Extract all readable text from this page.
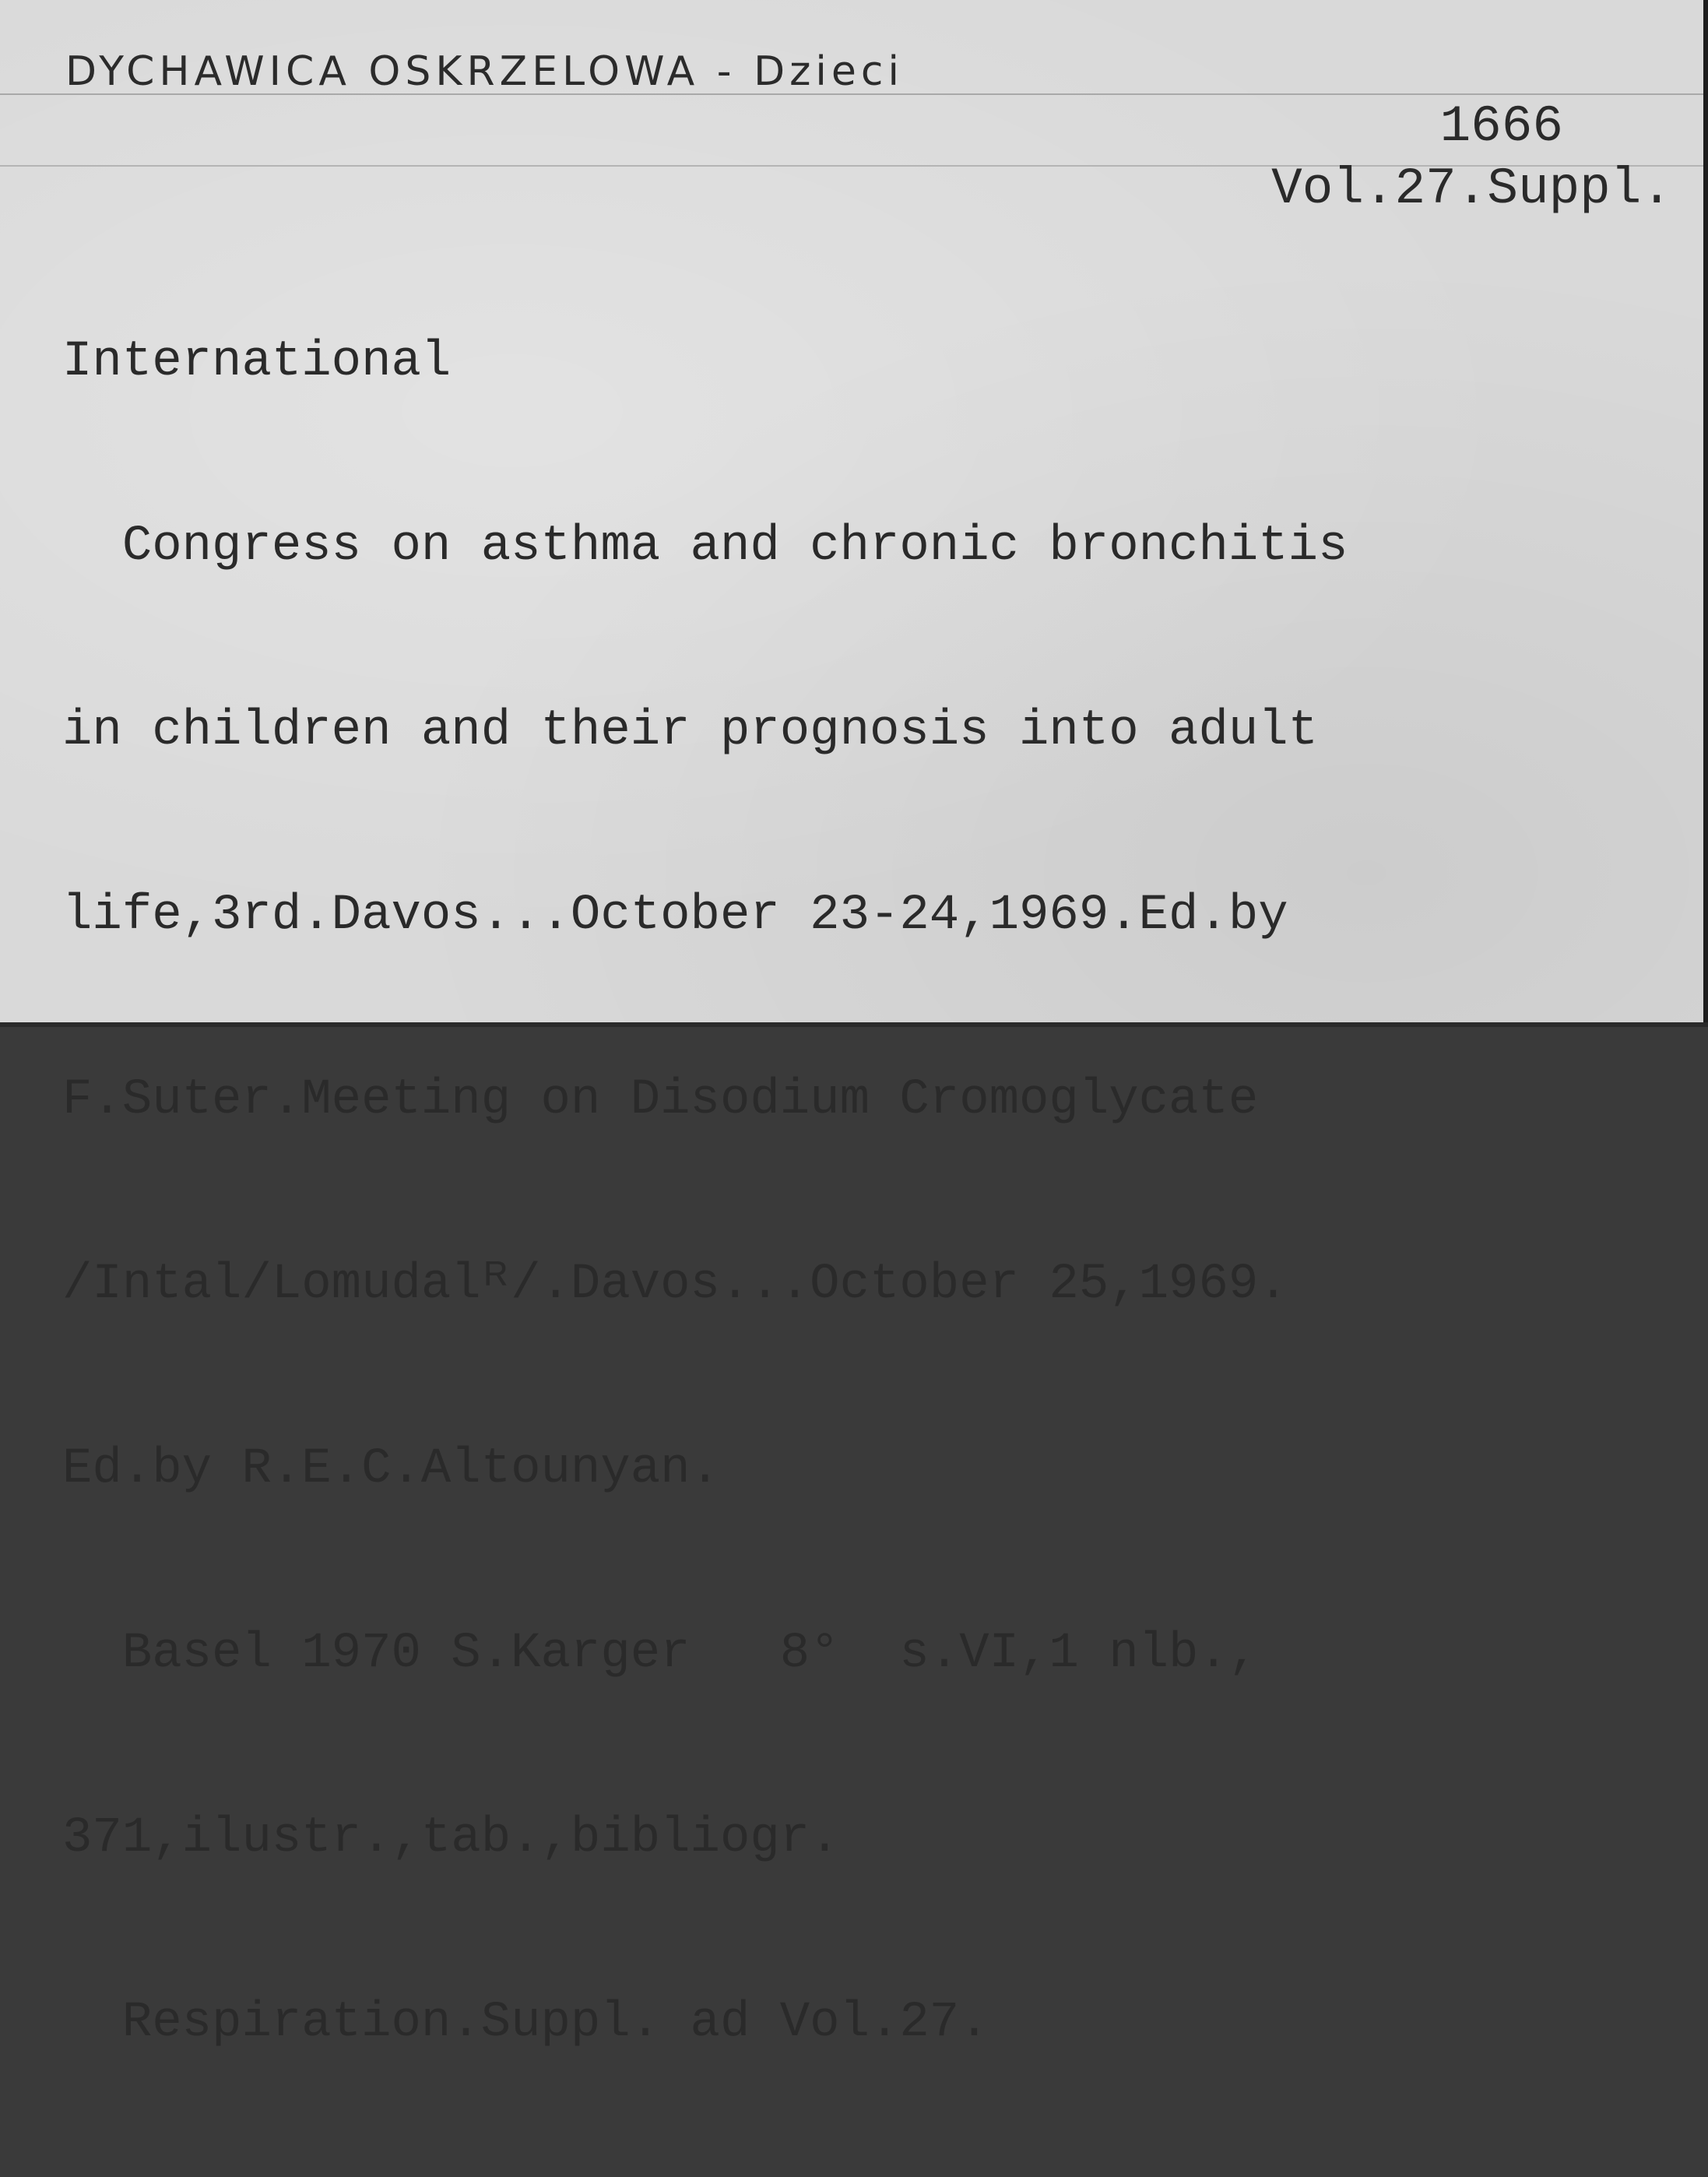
DYCHAWICA OSKRZELOWA - Dzieci
1666
Vol.27.Suppl.

International

Congress on asthma and chronic bronchitis

in children and their prognosis into adult

life,3rd.Davos...October 23-24,1969.Ed.by

F.Suter.Meeting on Disodium Cromoglycate

/Intal/Lomudalᴿ/.Davos...October 25,1969.

Ed.by R.E.C.Altounyan.

Basel 1970 S.Karger   8°  s.VI,1 nlb.,

371,ilustr.,tab.,bibliogr.

Respiration.Suppl. ad Vol.27.
